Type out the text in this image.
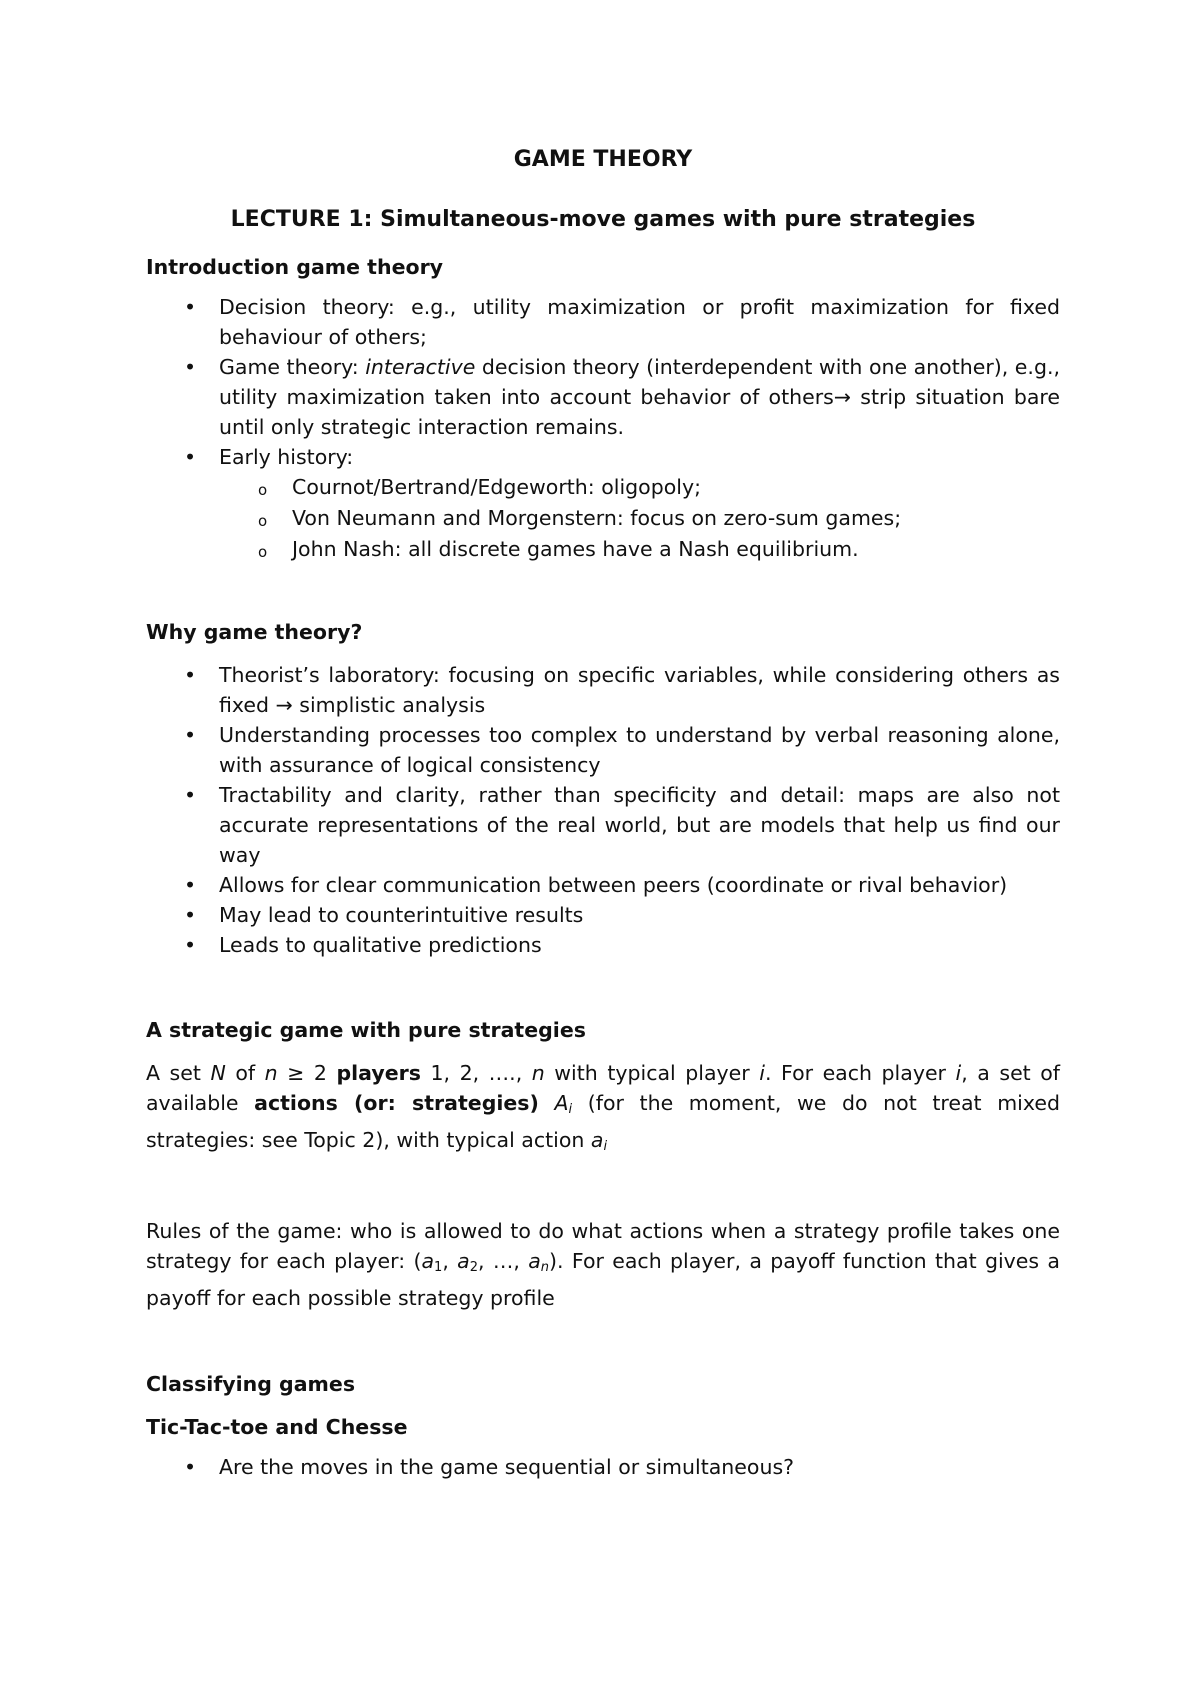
GAME THEORY
LECTURE 1: Simultaneous-move games with pure strategies
Introduction game theory
• Decision theory: e.g., utility maximization or profit maximization for fixed behaviour of others;
• Game theory: interactive decision theory (interdependent with one another), e.g., utility maximization taken into account behavior of others→ strip situation bare until only strategic interaction remains.
• Early history:
o Cournot/Bertrand/Edgeworth: oligopoly;
o Von Neumann and Morgenstern: focus on zero-sum games;
o John Nash: all discrete games have a Nash equilibrium.
Why game theory?
• Theorist’s laboratory: focusing on specific variables, while considering others as fixed → simplistic analysis
• Understanding processes too complex to understand by verbal reasoning alone, with assurance of logical consistency
• Tractability and clarity, rather than specificity and detail: maps are also not accurate representations of the real world, but are models that help us find our way
• Allows for clear communication between peers (coordinate or rival behavior)
• May lead to counterintuitive results
• Leads to qualitative predictions
A strategic game with pure strategies

A set N of n ≥ 2 players 1, 2, …., n with typical player i. For each player i, a set of available actions (or: strategies) $A_i$ (for the moment, we do not treat mixed strategies: see Topic 2), with typical action $a_i$

Rules of the game: who is allowed to do what actions when a strategy profile takes one strategy for each player: ($a_1$, $a_2$, …, $a_n$). For each player, a payoff function that gives a payoff for each possible strategy profile

Classifying games
Tic-Tac-toe and Chesse
• Are the moves in the game sequential or simultaneous?
